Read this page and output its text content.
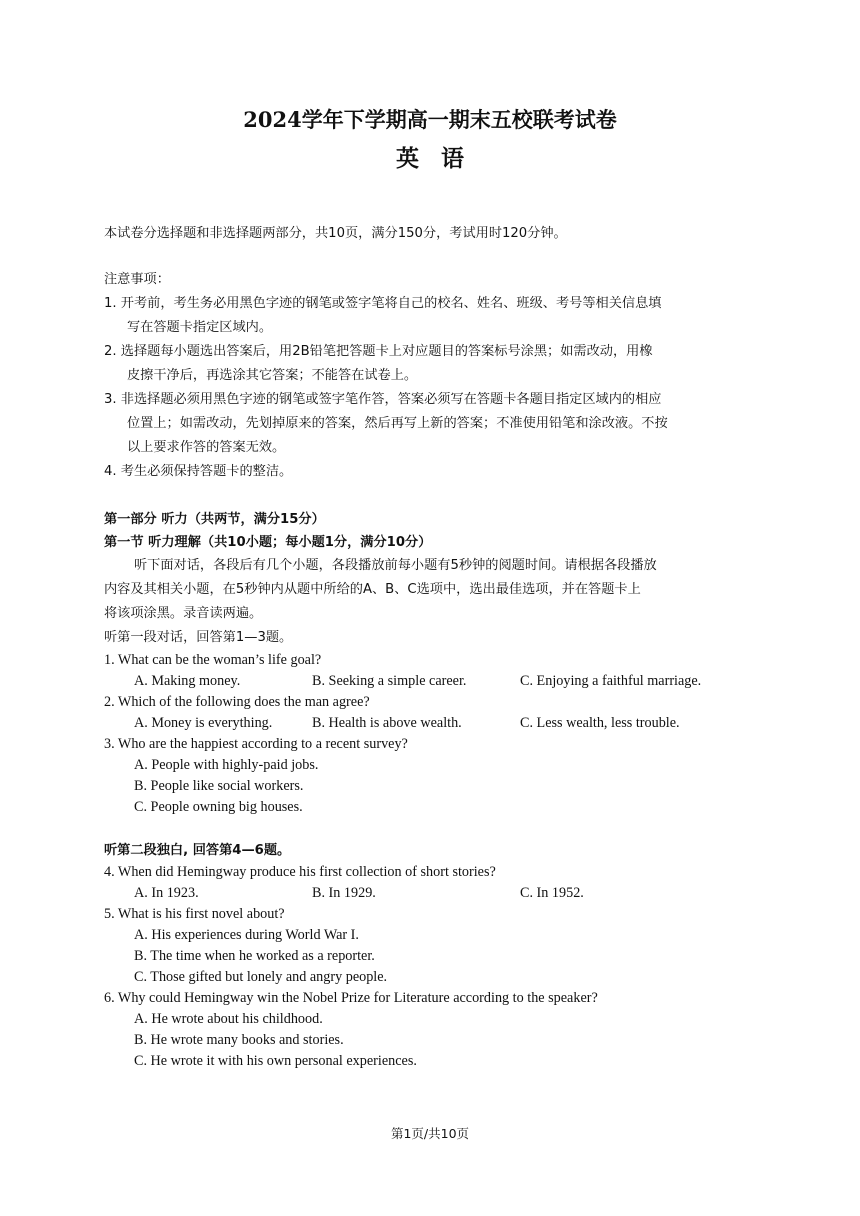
2024学年下学期高一期末五校联考试卷
英语
本试卷分选择题和非选择题两部分，共10页，满分150分，考试用时120分钟。
注意事项：
1. 开考前，考生务必用黑色字迹的钢笔或签字笔将自己的校名、姓名、班级、考号等相关信息填
写在答题卡指定区域内。
2. 选择题每小题选出答案后，用2B铅笔把答题卡上对应题目的答案标号涂黑；如需改动，用橡
皮擦干净后，再选涂其它答案；不能答在试卷上。
3. 非选择题必须用黑色字迹的钢笔或签字笔作答，答案必须写在答题卡各题目指定区域内的相应
位置上；如需改动，先划掉原来的答案，然后再写上新的答案；不准使用铅笔和涂改液。不按
以上要求作答的答案无效。
4. 考生必须保持答题卡的整洁。
第一部分 听力（共两节，满分15分）
第一节 听力理解（共10小题；每小题1分，满分10分）
听下面对话，各段后有几个小题，各段播放前每小题有5秒钟的阅题时间。请根据各段播放
内容及其相关小题，在5秒钟内从题中所给的A、B、C选项中，选出最佳选项，并在答题卡上
将该项涂黑。录音读两遍。
听第一段对话，回答第1—3题。
1. What can be the woman’s life goal?
A. Making money.	B. Seeking a simple career.	C. Enjoying a faithful marriage.
2. Which of the following does the man agree?
A. Money is everything.	B. Health is above wealth.	C. Less wealth, less trouble.
3. Who are the happiest according to a recent survey?
A. People with highly-paid jobs.
B. People like social workers.
C. People owning big houses.
听第二段独白, 回答第4—6题。
4. When did Hemingway produce his first collection of short stories?
A. In 1923.	B. In 1929.	C. In 1952.
5. What is his first novel about?
A. His experiences during World War I.
B. The time when he worked as a reporter.
C. Those gifted but lonely and angry people.
6. Why could Hemingway win the Nobel Prize for Literature according to the speaker?
A. He wrote about his childhood.
B. He wrote many books and stories.
C. He wrote it with his own personal experiences.
第1页/共10页
